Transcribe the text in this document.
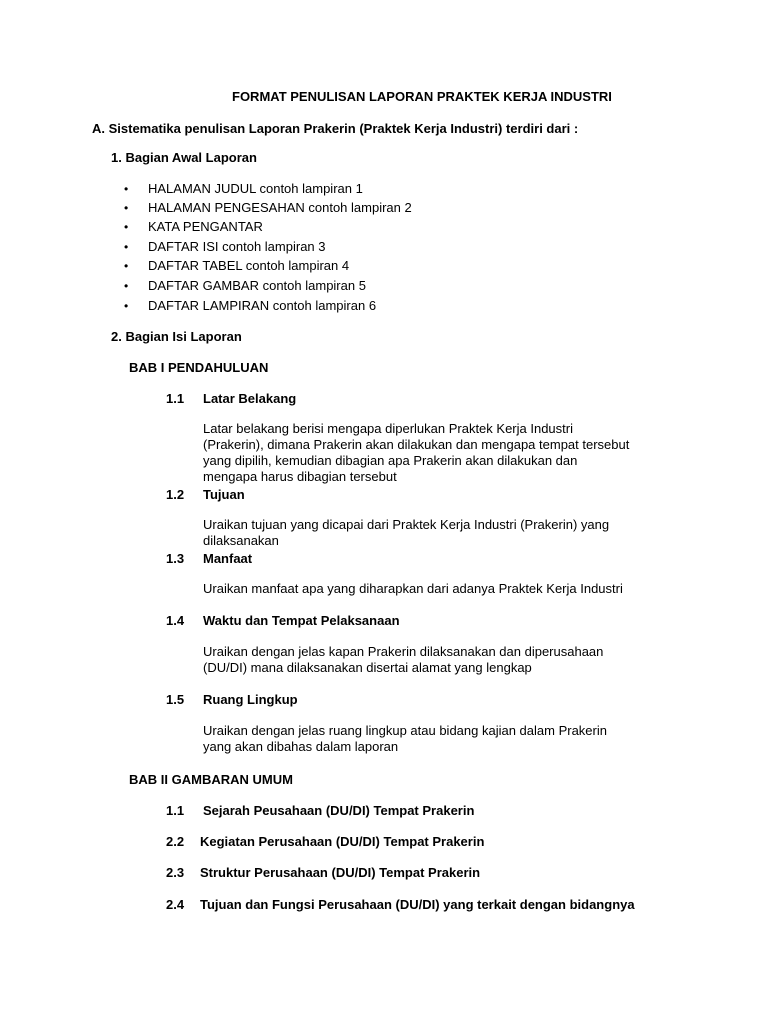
FORMAT PENULISAN LAPORAN PRAKTEK KERJA INDUSTRI
A. Sistematika penulisan Laporan Prakerin (Praktek Kerja Industri) terdiri dari :
1. Bagian Awal Laporan
• HALAMAN JUDUL contoh lampiran 1
• HALAMAN PENGESAHAN contoh lampiran 2
• KATA PENGANTAR
• DAFTAR ISI contoh lampiran 3
• DAFTAR TABEL contoh lampiran 4
• DAFTAR GAMBAR contoh lampiran 5
• DAFTAR LAMPIRAN contoh lampiran 6
2. Bagian Isi Laporan
BAB I PENDAHULUAN
1.1 Latar Belakang
Latar belakang berisi mengapa diperlukan Praktek Kerja Industri (Prakerin), dimana Prakerin akan dilakukan dan mengapa tempat tersebut yang dipilih, kemudian dibagian apa Prakerin akan dilakukan dan mengapa harus dibagian tersebut
1.2 Tujuan
Uraikan tujuan yang dicapai dari Praktek Kerja Industri (Prakerin) yang dilaksanakan
1.3 Manfaat
Uraikan manfaat apa yang diharapkan dari adanya Praktek Kerja Industri
1.4 Waktu dan Tempat Pelaksanaan
Uraikan dengan jelas kapan Prakerin dilaksanakan dan diperusahaan (DU/DI) mana dilaksanakan disertai alamat yang lengkap
1.5 Ruang Lingkup
Uraikan dengan jelas ruang lingkup atau bidang kajian dalam Prakerin yang akan dibahas dalam laporan
BAB II GAMBARAN UMUM
1.1 Sejarah Peusahaan (DU/DI) Tempat Prakerin
2.2 Kegiatan Perusahaan (DU/DI) Tempat Prakerin
2.3 Struktur Perusahaan (DU/DI) Tempat Prakerin
2.4 Tujuan dan Fungsi Perusahaan (DU/DI) yang terkait dengan bidangnya
